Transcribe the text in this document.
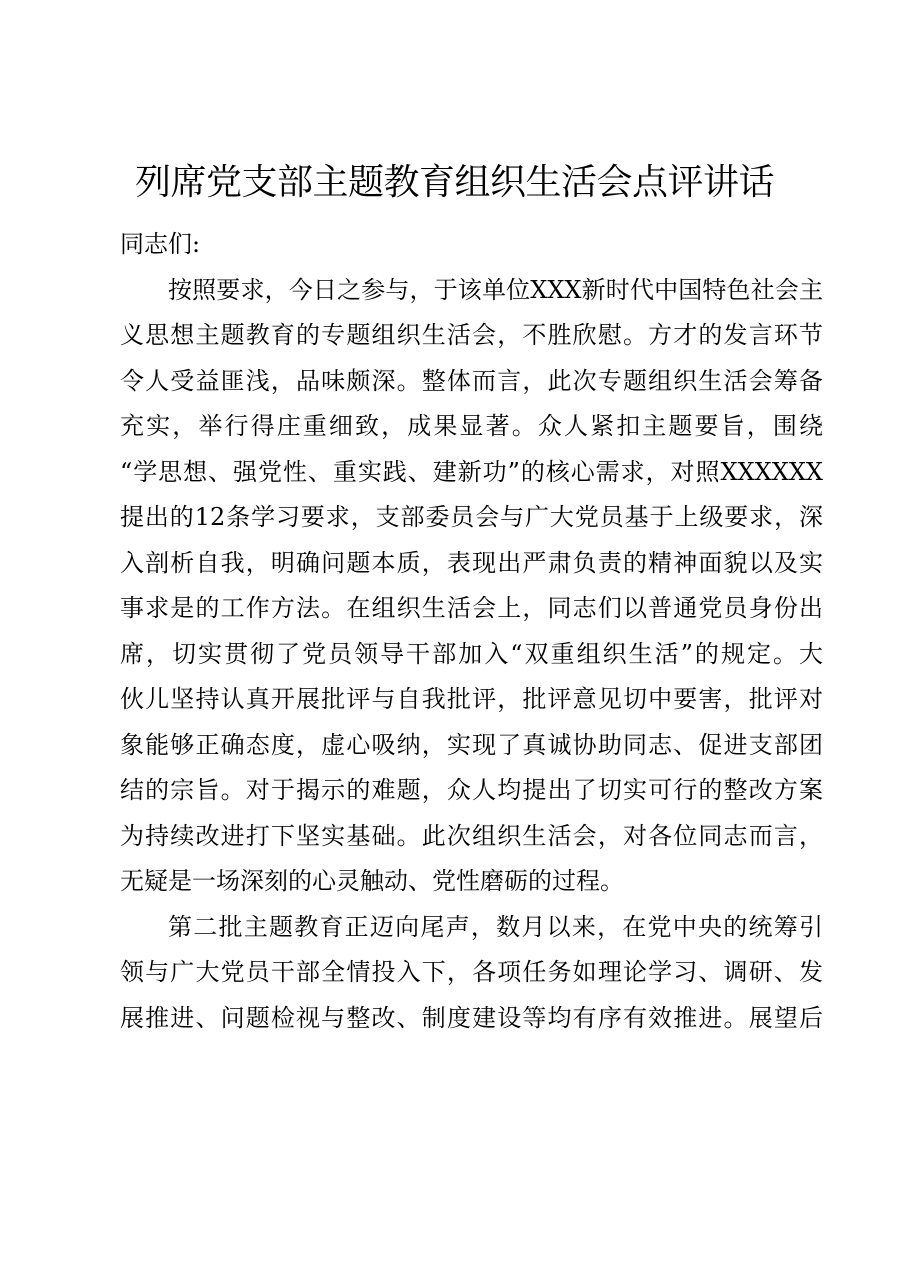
列席党支部主题教育组织生活会点评讲话

同志们:

按照要求，今日之参与，于该单位XXX新时代中国特色社会主
义思想主题教育的专题组织生活会，不胜欣慰。方才的发言环节
令人受益匪浅，品味颇深。整体而言，此次专题组织生活会筹备
充实，举行得庄重细致，成果显著。众人紧扣主题要旨，围绕
“学思想、强党性、重实践、建新功”的核心需求，对照XXXXXX
提出的12条学习要求，支部委员会与广大党员基于上级要求，深
入剖析自我，明确问题本质，表现出严肃负责的精神面貌以及实
事求是的工作方法。在组织生活会上，同志们以普通党员身份出
席，切实贯彻了党员领导干部加入“双重组织生活”的规定。大
伙儿坚持认真开展批评与自我批评，批评意见切中要害，批评对
象能够正确态度，虚心吸纳，实现了真诚协助同志、促进支部团
结的宗旨。对于揭示的难题，众人均提出了切实可行的整改方案
为持续改进打下坚实基础。此次组织生活会，对各位同志而言，
无疑是一场深刻的心灵触动、党性磨砺的过程。
第二批主题教育正迈向尾声，数月以来，在党中央的统筹引
领与广大党员干部全情投入下，各项任务如理论学习、调研、发
展推进、问题检视与整改、制度建设等均有序有效推进。展望后
